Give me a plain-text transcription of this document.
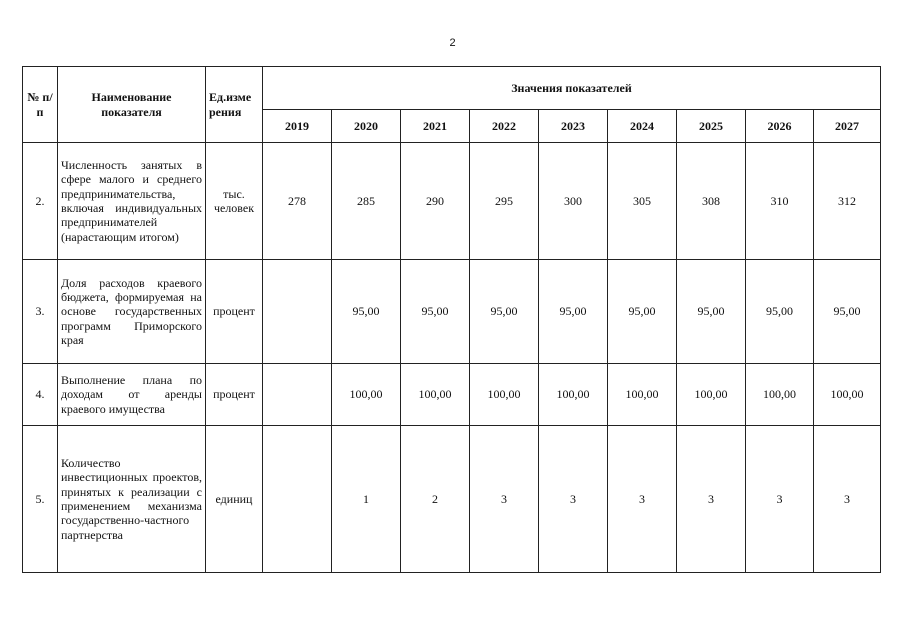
2
№ п/п	Наименование показателя	Ед.изме рения	Значения показателей								
			2019	2020	2021	2022	2023	2024	2025	2026	2027
2.	Численность занятых в сфере малого и среднего предпринимательства, включая индивидуальных предпринимателей (нарастающим итогом)	тыс. человек	278	285	290	295	300	305	308	310	312
3.	Доля расходов краевого бюджета, формируемая на основе государственных программ Приморского края	процент		95,00	95,00	95,00	95,00	95,00	95,00	95,00	95,00
4.	Выполнение плана по доходам от аренды краевого имущества	процент		100,00	100,00	100,00	100,00	100,00	100,00	100,00	100,00
5.	Количество инвестиционных проектов, принятых к реализации с применением механизма государственно-частного партнерства	единиц		1	2	3	3	3	3	3	3
